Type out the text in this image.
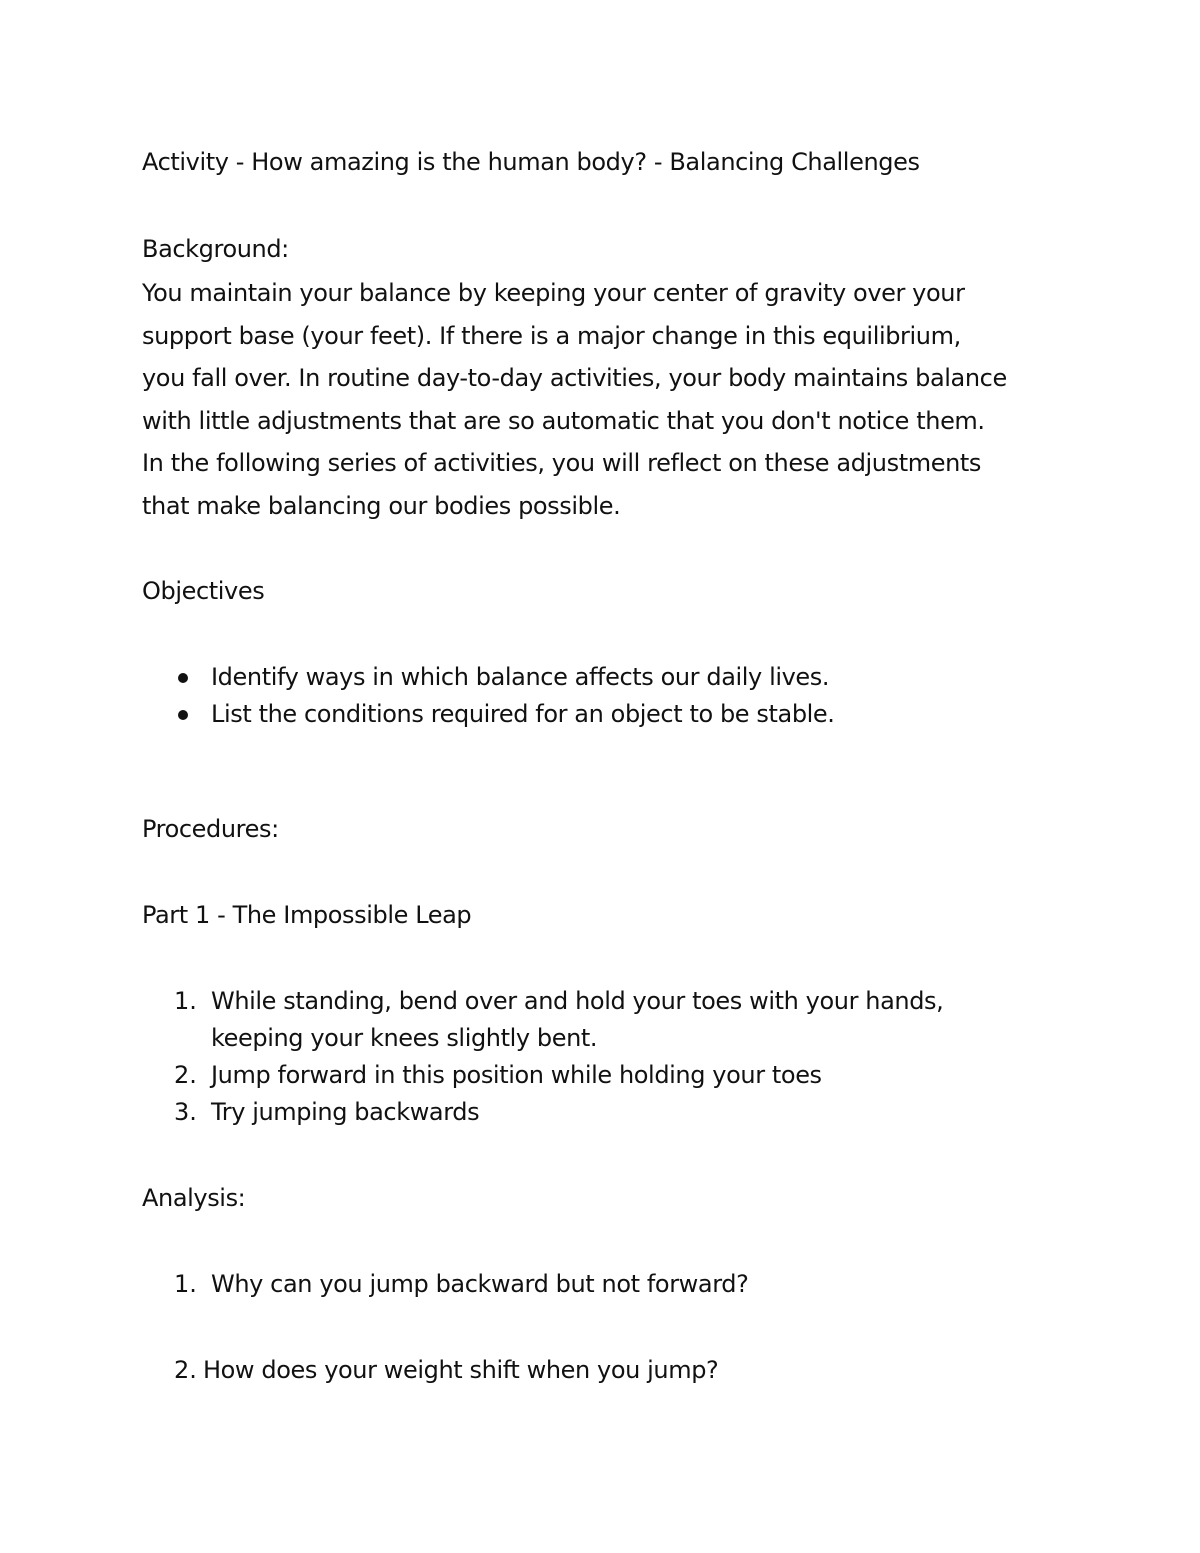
Activity - How amazing is the human body? - Balancing Challenges
Background:
You maintain your balance by keeping your center of gravity over your
support base (your feet). If there is a major change in this equilibrium,
you fall over. In routine day-to-day activities, your body maintains balance
with little adjustments that are so automatic that you don't notice them.
In the following series of activities, you will reflect on these adjustments
that make balancing our bodies possible.
Objectives
Identify ways in which balance affects our daily lives.
List the conditions required for an object to be stable.
Procedures:
Part 1 - The Impossible Leap
1. While standing, bend over and hold your toes with your hands,
keeping your knees slightly bent.
2. Jump forward in this position while holding your toes
3. Try jumping backwards
Analysis:
1. Why can you jump backward but not forward?
2. How does your weight shift when you jump?
